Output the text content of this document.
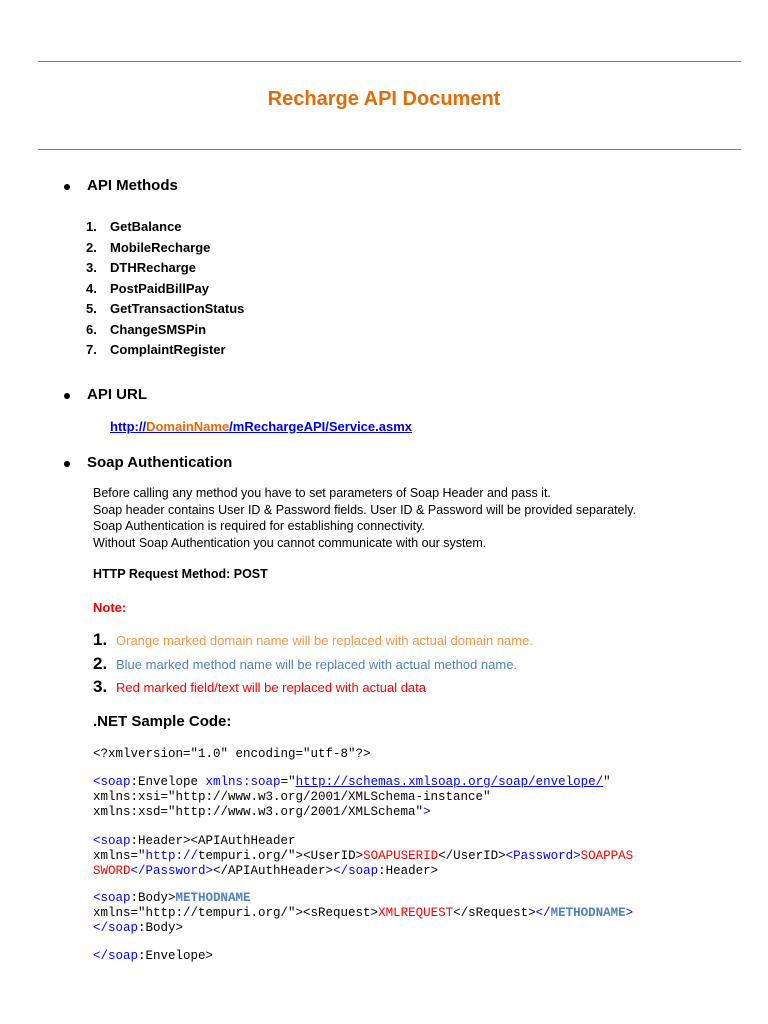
Recharge API Document
API Methods
1. GetBalance
2. MobileRecharge
3. DTHRecharge
4. PostPaidBillPay
5. GetTransactionStatus
6. ChangeSMSPin
7. ComplaintRegister
API URL
http://DomainName/mRechargeAPI/Service.asmx
Soap Authentication
Before calling any method you have to set parameters of Soap Header and pass it.
Soap header contains User ID & Password fields. User ID & Password will be provided separately.
Soap Authentication is required for establishing connectivity.
Without Soap Authentication you cannot communicate with our system.
HTTP Request Method: POST
Note:
1. Orange marked domain name will be replaced with actual domain name.
2. Blue marked method name will be replaced with actual method name.
3. Red marked field/text will be replaced with actual data
.NET Sample Code:
<?xmlversion="1.0" encoding="utf-8"?>
<soap:Envelope xmlns:soap="http://schemas.xmlsoap.org/soap/envelope/"
xmlns:xsi="http://www.w3.org/2001/XMLSchema-instance"
xmlns:xsd="http://www.w3.org/2001/XMLSchema">
<soap:Header><APIAuthHeader
xmlns="http://tempuri.org/"><UserID>SOAPUSERID</UserID><Password>SOAPPAS
SWORD</Password></APIAuthHeader></soap:Header>
<soap:Body>METHODNAME
xmlns="http://tempuri.org/"><sRequest>XMLREQUEST</sRequest></METHODNAME>
</soap:Body>
</soap:Envelope>
